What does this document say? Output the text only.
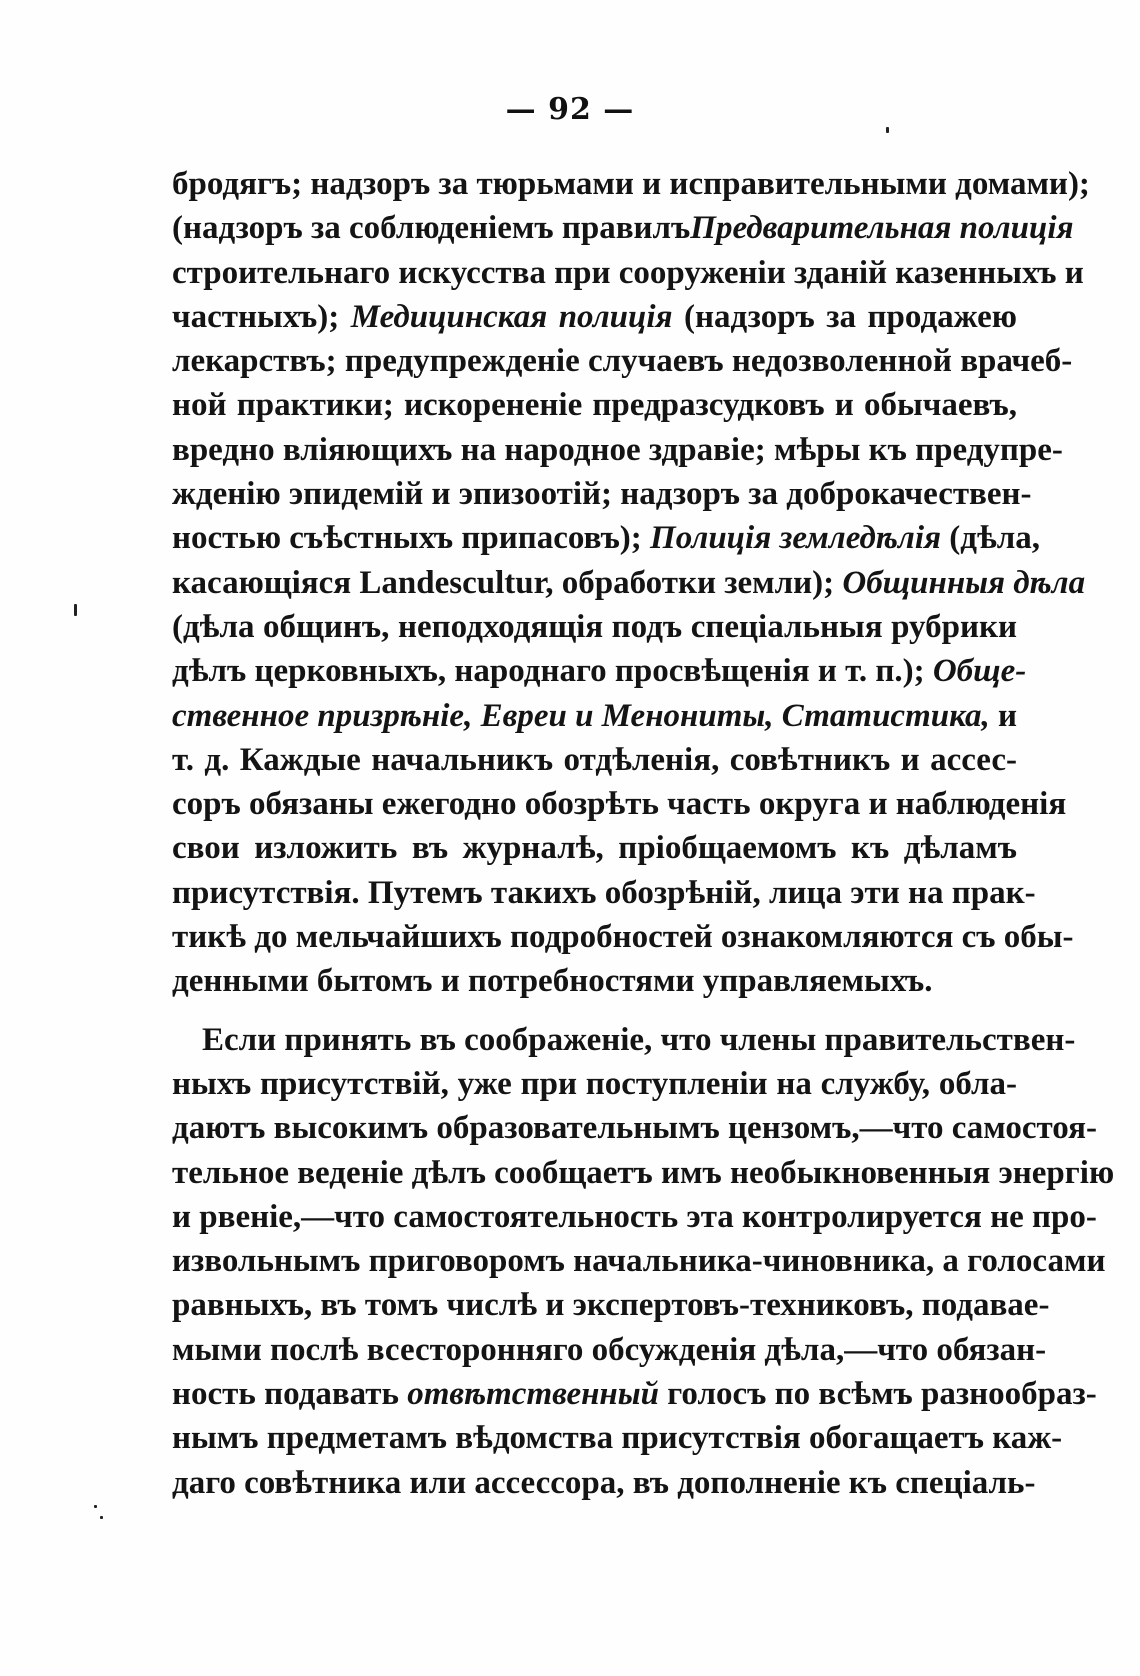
— 92 —
бродягъ; надзоръ за тюрьмами и исправительными домами);
(надзоръ за соблюденіемъ правилъПредварительная полиція
строительнаго искусства при сооруженіи зданій казенныхъ и
частныхъ); Медицинская полиція (надзоръ за продажею
лекарствъ; предупрежденіе случаевъ недозволенной врачеб-
ной практики; искорененіе предразсудковъ и обычаевъ,
вредно вліяющихъ на народное здравіе; мѣры къ предупре-
жденію эпидемій и эпизоотій; надзоръ за доброкачествен-
ностью съѣстныхъ припасовъ); Полиція земледѣлія (дѣла,
касающіяся Landescultur, обработки земли); Общинныя дѣла
(дѣла общинъ, неподходящія подъ спеціальныя рубрики
дѣлъ церковныхъ, народнаго просвѣщенія и т. п.); Обще-
ственное призрѣніе, Евреи и Менониты, Статистика, и
т. д. Каждые начальникъ отдѣленія, совѣтникъ и ассес-
соръ обязаны ежегодно обозрѣть часть округа и наблюденія
свои изложить въ журналѣ, пріобщаемомъ къ дѣламъ
присутствія. Путемъ такихъ обозрѣній, лица эти на прак-
тикѣ до мельчайшихъ подробностей ознакомляются съ обы-
денными бытомъ и потребностями управляемыхъ.
Если принять въ соображеніе, что члены правительствен-
ныхъ присутствій, уже при поступленіи на службу, обла-
даютъ высокимъ образовательнымъ цензомъ,—что самостоя-
тельное веденіе дѣлъ сообщаетъ имъ необыкновенныя энергію
и рвеніе,—что самостоятельность эта контролируется не про-
извольнымъ приговоромъ начальника-чиновника, а голосами
равныхъ, въ томъ числѣ и экспертовъ-техниковъ, подавае-
мыми послѣ всесторонняго обсужденія дѣла,—что обязан-
ность подавать отвѣтственный голосъ по всѣмъ разнообраз-
нымъ предметамъ вѣдомства присутствія обогащаетъ каж-
даго совѣтника или ассессора, въ дополненіе къ спеціаль-
